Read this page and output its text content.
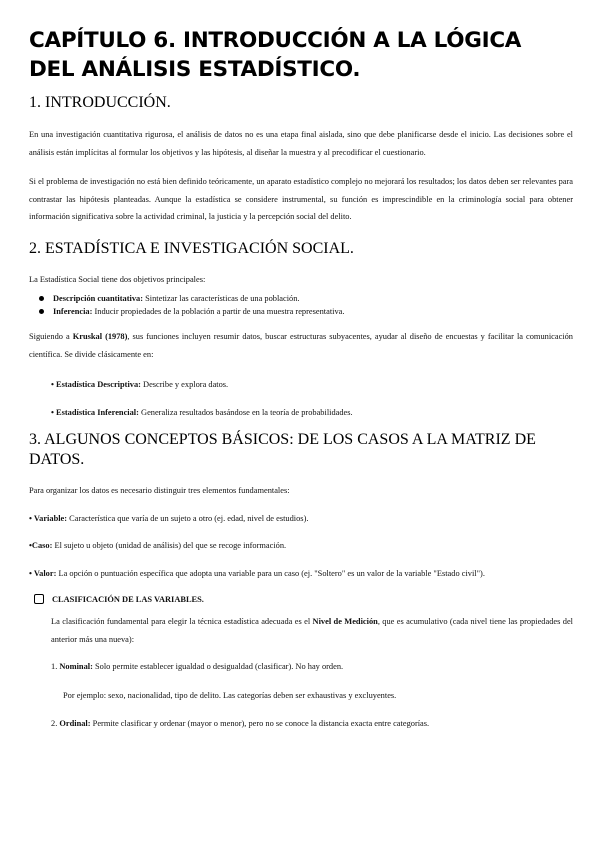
CAPÍTULO 6. INTRODUCCIÓN A LA LÓGICA
DEL ANÁLISIS ESTADÍSTICO.
1. INTRODUCCIÓN.

En una investigación cuantitativa rigurosa, el análisis de datos no es una etapa final aislada, sino que debe planificarse desde el inicio. Las decisiones sobre el análisis están implícitas al formular los objetivos y las hipótesis, al diseñar la muestra y al precodificar el cuestionario.

Si el problema de investigación no está bien definido teóricamente, un aparato estadístico complejo no mejorará los resultados; los datos deben ser relevantes para contrastar las hipótesis planteadas. Aunque la estadística se considere instrumental, su función es imprescindible en la criminología social para obtener información significativa sobre la actividad criminal, la justicia y la percepción social del delito.

2. ESTADÍSTICA E INVESTIGACIÓN SOCIAL.

La Estadística Social tiene dos objetivos principales:

Descripción cuantitativa: Sintetizar las características de una población.
Inferencia: Inducir propiedades de la población a partir de una muestra representativa.

Siguiendo a Kruskal (1978), sus funciones incluyen resumir datos, buscar estructuras subyacentes, ayudar al diseño de encuestas y facilitar la comunicación científica. Se divide clásicamente en:

• Estadística Descriptiva: Describe y explora datos.

• Estadística Inferencial: Generaliza resultados basándose en la teoría de probabilidades.

3. ALGUNOS CONCEPTOS BÁSICOS: DE LOS CASOS A LA MATRIZ DE DATOS.

Para organizar los datos es necesario distinguir tres elementos fundamentales:

• Variable: Característica que varía de un sujeto a otro (ej. edad, nivel de estudios).

•Caso: El sujeto u objeto (unidad de análisis) del que se recoge información.

• Valor: La opción o puntuación específica que adopta una variable para un caso (ej. "Soltero" es un valor de la variable "Estado civil").

CLASIFICACIÓN DE LAS VARIABLES.

La clasificación fundamental para elegir la técnica estadística adecuada es el Nivel de Medición, que es acumulativo (cada nivel tiene las propiedades del anterior más una nueva):

1. Nominal: Solo permite establecer igualdad o desigualdad (clasificar). No hay orden.

Por ejemplo: sexo, nacionalidad, tipo de delito. Las categorías deben ser exhaustivas y excluyentes.

2. Ordinal: Permite clasificar y ordenar (mayor o menor), pero no se conoce la distancia exacta entre categorías.
